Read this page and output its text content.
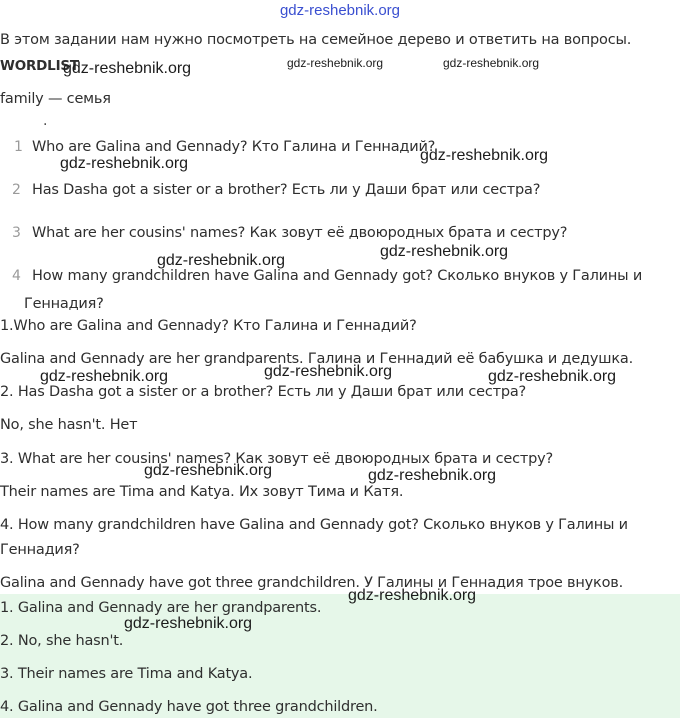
gdz-reshebnik.org
В этом задании нам нужно посмотреть на семейное дерево и ответить на вопросы.
WORDLIST
gdz-reshebnik.org	gdz-reshebnik.org	gdz-reshebnik.org
family — семья
.
1 Who are Galina and Gennady? Кто Галина и Геннадий?
gdz-reshebnik.org	gdz-reshebnik.org
2 Has Dasha got a sister or a brother? Есть ли у Даши брат или сестра?
3 What are her cousins' names? Как зовут её двоюродных брата и сестру?
gdz-reshebnik.org
gdz-reshebnik.org
4 How many grandchildren have Galina and Gennady got? Сколько внуков у Галины и
Геннадия?
1.Who are Galina and Gennady? Кто Галина и Геннадий?
Galina and Gennady are her grandparents. Галина и Геннадий её бабушка и дедушка.
gdz-reshebnik.org	gdz-reshebnik.org	gdz-reshebnik.org
2. Has Dasha got a sister or a brother? Есть ли у Даши брат или сестра?
No, she hasn't. Нет
3. What are her cousins' names? Как зовут её двоюродных брата и сестру?
gdz-reshebnik.org	gdz-reshebnik.org
Their names are Tima and Katya. Их зовут Тима и Катя.
4. How many grandchildren have Galina and Gennady got? Сколько внуков у Галины и
Геннадия?
Galina and Gennady have got three grandchildren. У Галины и Геннадия трое внуков.
gdz-reshebnik.org
1. Galina and Gennady are her grandparents.
gdz-reshebnik.org
2. No, she hasn't.
3. Their names are Tima and Katya.
4. Galina and Gennady have got three grandchildren.
